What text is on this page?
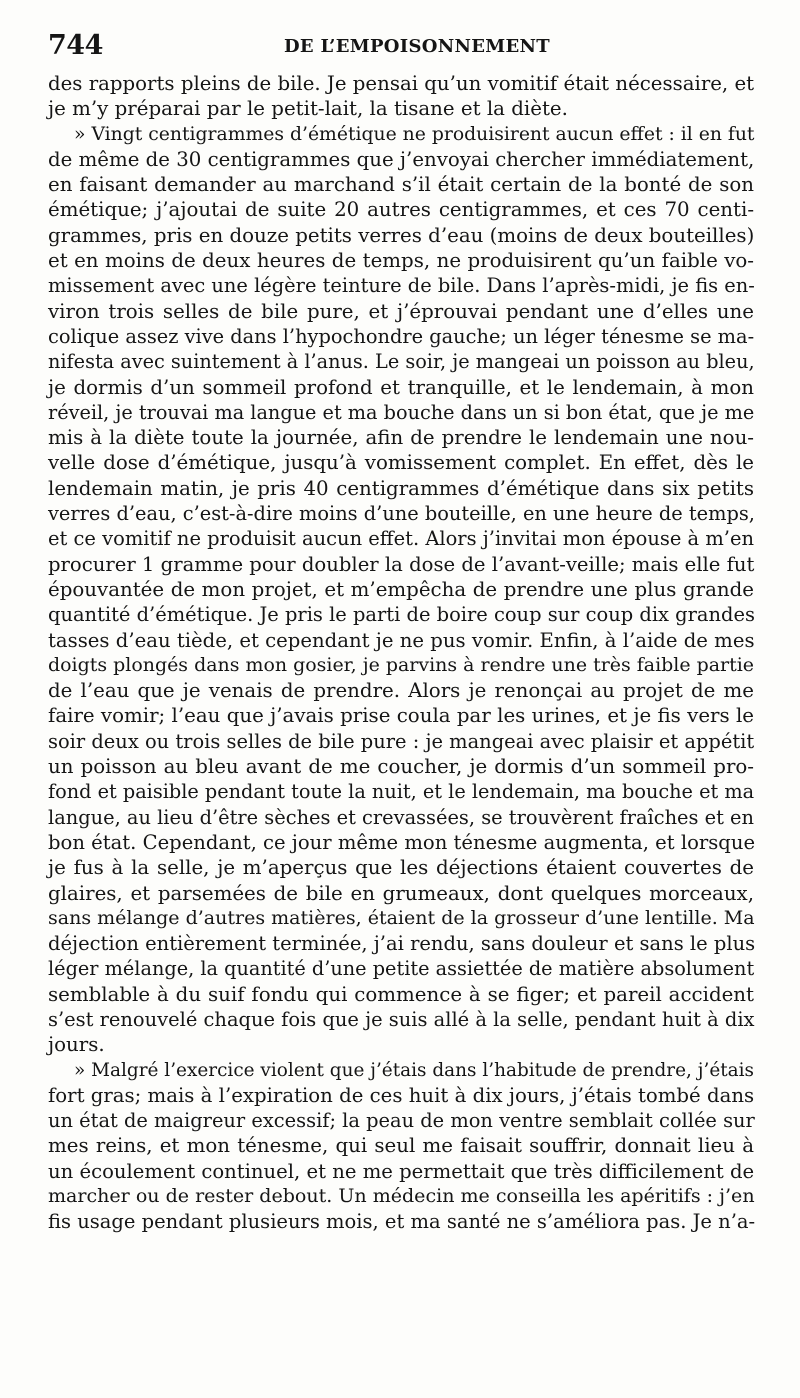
744	DE L’EMPOISONNEMENT
des rapports pleins de bile. Je pensai qu’un vomitif était nécessaire, et
je m’y préparai par le petit-lait, la tisane et la diète.
» Vingt centigrammes d’émétique ne produisirent aucun effet : il en fut
de même de 30 centigrammes que j’envoyai chercher immédiatement,
en faisant demander au marchand s’il était certain de la bonté de son
émétique; j’ajoutai de suite 20 autres centigrammes, et ces 70 centi-
grammes, pris en douze petits verres d’eau (moins de deux bouteilles)
et en moins de deux heures de temps, ne produisirent qu’un faible vo-
missement avec une légère teinture de bile. Dans l’après-midi, je fis en-
viron trois selles de bile pure, et j’éprouvai pendant une d’elles une
colique assez vive dans l’hypochondre gauche; un léger ténesme se ma-
nifesta avec suintement à l’anus. Le soir, je mangeai un poisson au bleu,
je dormis d’un sommeil profond et tranquille, et le lendemain, à mon
réveil, je trouvai ma langue et ma bouche dans un si bon état, que je me
mis à la diète toute la journée, afin de prendre le lendemain une nou-
velle dose d’émétique, jusqu’à vomissement complet. En effet, dès le
lendemain matin, je pris 40 centigrammes d’émétique dans six petits
verres d’eau, c’est-à-dire moins d’une bouteille, en une heure de temps,
et ce vomitif ne produisit aucun effet. Alors j’invitai mon épouse à m’en
procurer 1 gramme pour doubler la dose de l’avant-veille; mais elle fut
épouvantée de mon projet, et m’empêcha de prendre une plus grande
quantité d’émétique. Je pris le parti de boire coup sur coup dix grandes
tasses d’eau tiède, et cependant je ne pus vomir. Enfin, à l’aide de mes
doigts plongés dans mon gosier, je parvins à rendre une très faible partie
de l’eau que je venais de prendre. Alors je renonçai au projet de me
faire vomir; l’eau que j’avais prise coula par les urines, et je fis vers le
soir deux ou trois selles de bile pure : je mangeai avec plaisir et appétit
un poisson au bleu avant de me coucher, je dormis d’un sommeil pro-
fond et paisible pendant toute la nuit, et le lendemain, ma bouche et ma
langue, au lieu d’être sèches et crevassées, se trouvèrent fraîches et en
bon état. Cependant, ce jour même mon ténesme augmenta, et lorsque
je fus à la selle, je m’aperçus que les déjections étaient couvertes de
glaires, et parsemées de bile en grumeaux, dont quelques morceaux,
sans mélange d’autres matières, étaient de la grosseur d’une lentille. Ma
déjection entièrement terminée, j’ai rendu, sans douleur et sans le plus
léger mélange, la quantité d’une petite assiettée de matière absolument
semblable à du suif fondu qui commence à se figer; et pareil accident
s’est renouvelé chaque fois que je suis allé à la selle, pendant huit à dix
jours.
» Malgré l’exercice violent que j’étais dans l’habitude de prendre, j’étais
fort gras; mais à l’expiration de ces huit à dix jours, j’étais tombé dans
un état de maigreur excessif; la peau de mon ventre semblait collée sur
mes reins, et mon ténesme, qui seul me faisait souffrir, donnait lieu à
un écoulement continuel, et ne me permettait que très difficilement de
marcher ou de rester debout. Un médecin me conseilla les apéritifs : j’en
fis usage pendant plusieurs mois, et ma santé ne s’améliora pas. Je n’a-
